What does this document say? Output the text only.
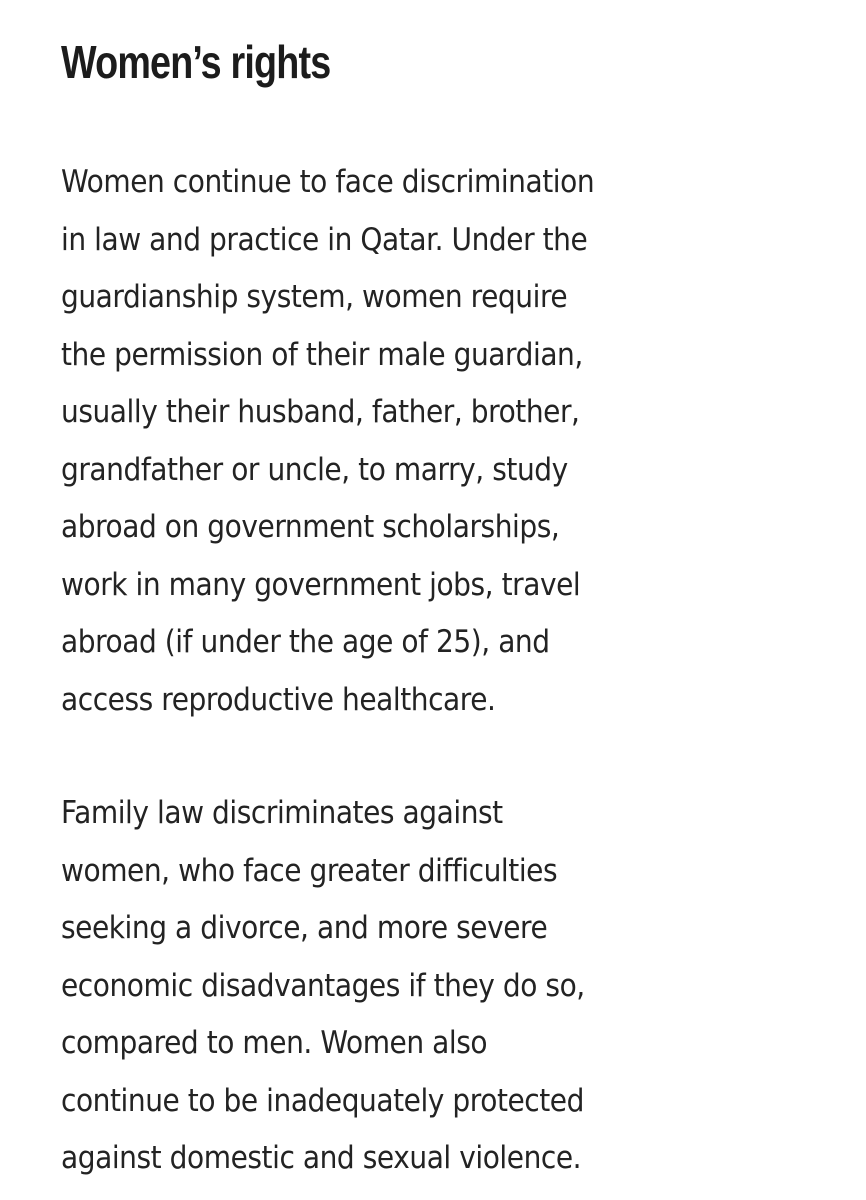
Women’s rights

Women continue to face discrimination
in law and practice in Qatar. Under the
guardianship system, women require
the permission of their male guardian,
usually their husband, father, brother,
grandfather or uncle, to marry, study
abroad on government scholarships,
work in many government jobs, travel
abroad (if under the age of 25), and
access reproductive healthcare.

Family law discriminates against
women, who face greater difficulties
seeking a divorce, and more severe
economic disadvantages if they do so,
compared to men. Women also
continue to be inadequately protected
against domestic and sexual violence.
